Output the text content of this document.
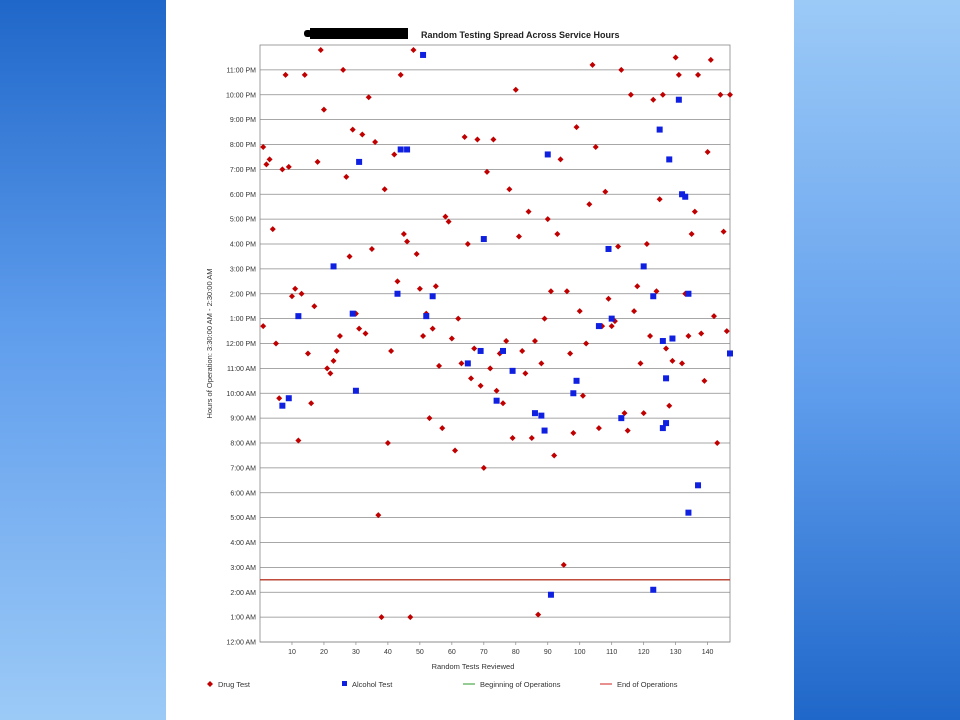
Random Testing Spread Across Service Hours
12:00 AM
1:00 AM
2:00 AM
3:00 AM
4:00 AM
5:00 AM
6:00 AM
7:00 AM
8:00 AM
9:00 AM
10:00 AM
11:00 AM
12:00 PM
1:00 PM
2:00 PM
3:00 PM
4:00 PM
5:00 PM
6:00 PM
7:00 PM
8:00 PM
9:00 PM
10:00 PM
11:00 PM
10	20	30	40	50	60	70	80	90	100	110	120	130	140
Hours of Operation: 3:30:00 AM - 2:30:00 AM
Random Tests Reviewed
Drug Test	Alcohol Test	Beginning of Operations	End of Operations
